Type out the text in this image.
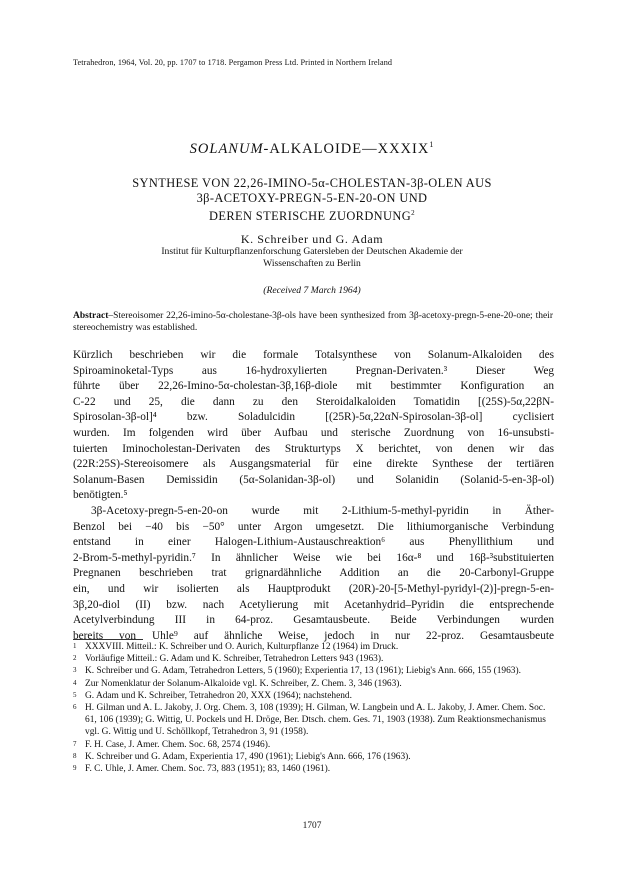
Tetrahedron, 1964, Vol. 20, pp. 1707 to 1718. Pergamon Press Ltd. Printed in Northern Ireland
SOLANUM-ALKALOIDE—XXXIX$^1$
SYNTHESE VON 22,26-IMINO-5α-CHOLESTAN-3β-OLEN AUS
3β-ACETOXY-PREGN-5-EN-20-ON UND
DEREN STERISCHE ZUORDNUNG$^2$
K. Schreiber und G. Adam
Institut für Kulturpflanzenforschung Gatersleben der Deutschen Akademie der
Wissenschaften zu Berlin
(Received 7 March 1964)
Abstract–Stereoisomer 22,26-imino-5α-cholestane-3β-ols have been synthesized from 3β-acetoxy-pregn-5-ene-20-one; their stereochemistry was established.
Kürzlich beschrieben wir die formale Totalsynthese von Solanum-Alkaloiden des
Spiroaminoketal-Typs aus 16-hydroxylierten Pregnan-Derivaten.³ Dieser Weg
führte über 22,26-Imino-5α-cholestan-3β,16β-diole mit bestimmter Konfiguration an
C-22 und 25, die dann zu den Steroidalkaloiden Tomatidin [(25S)-5α,22βN-
Spirosolan-3β-ol]⁴ bzw. Soladulcidin [(25R)-5α,22αN-Spirosolan-3β-ol] cyclisiert
wurden. Im folgenden wird über Aufbau und sterische Zuordnung von 16-unsubsti-
tuierten Iminocholestan-Derivaten des Strukturtyps X berichtet, von denen wir das
(22R:25S)-Stereoisomere als Ausgangsmaterial für eine direkte Synthese der tertiären
Solanum-Basen Demissidin (5α-Solanidan-3β-ol) und Solanidin (Solanid-5-en-3β-ol)
benötigten.⁵
3β-Acetoxy-pregn-5-en-20-on wurde mit 2-Lithium-5-methyl-pyridin in Äther-
Benzol bei −40 bis −50° unter Argon umgesetzt. Die lithiumorganische Verbindung
entstand in einer Halogen-Lithium-Austauschreaktion⁶ aus Phenyllithium und
2-Brom-5-methyl-pyridin.⁷ In ähnlicher Weise wie bei 16α-⁸ und 16β-³substituierten
Pregnanen beschrieben trat grignardähnliche Addition an die 20-Carbonyl-Gruppe
ein, und wir isolierten als Hauptprodukt (20R)-20-[5-Methyl-pyridyl-(2)]-pregn-5-en-
3β,20-diol (II) bzw. nach Acetylierung mit Acetanhydrid–Pyridin die entsprechende
Acetylverbindung III in 64-proz. Gesamtausbeute. Beide Verbindungen wurden
bereits von Uhle⁹ auf ähnliche Weise, jedoch in nur 22-proz. Gesamtausbeute
1 XXXVIII. Mitteil.: K. Schreiber und O. Aurich, Kulturpflanze 12 (1964) im Druck.
2 Vorläufige Mitteil.: G. Adam und K. Schreiber, Tetrahedron Letters 943 (1963).
3 K. Schreiber und G. Adam, Tetrahedron Letters, 5 (1960); Experientia 17, 13 (1961); Liebig's Ann. 666, 155 (1963).
4 Zur Nomenklatur der Solanum-Alkaloide vgl. K. Schreiber, Z. Chem. 3, 346 (1963).
5 G. Adam und K. Schreiber, Tetrahedron 20, XXX (1964); nachstehend.
6 H. Gilman und A. L. Jakoby, J. Org. Chem. 3, 108 (1939); H. Gilman, W. Langbein und A. L. Jakoby, J. Amer. Chem. Soc. 61, 106 (1939); G. Wittig, U. Pockels und H. Dröge, Ber. Dtsch. chem. Ges. 71, 1903 (1938). Zum Reaktionsmechanismus vgl. G. Wittig und U. Schöllkopf, Tetrahedron 3, 91 (1958).
7 F. H. Case, J. Amer. Chem. Soc. 68, 2574 (1946).
8 K. Schreiber und G. Adam, Experientia 17, 490 (1961); Liebig's Ann. 666, 176 (1963).
9 F. C. Uhle, J. Amer. Chem. Soc. 73, 883 (1951); 83, 1460 (1961).
1707
